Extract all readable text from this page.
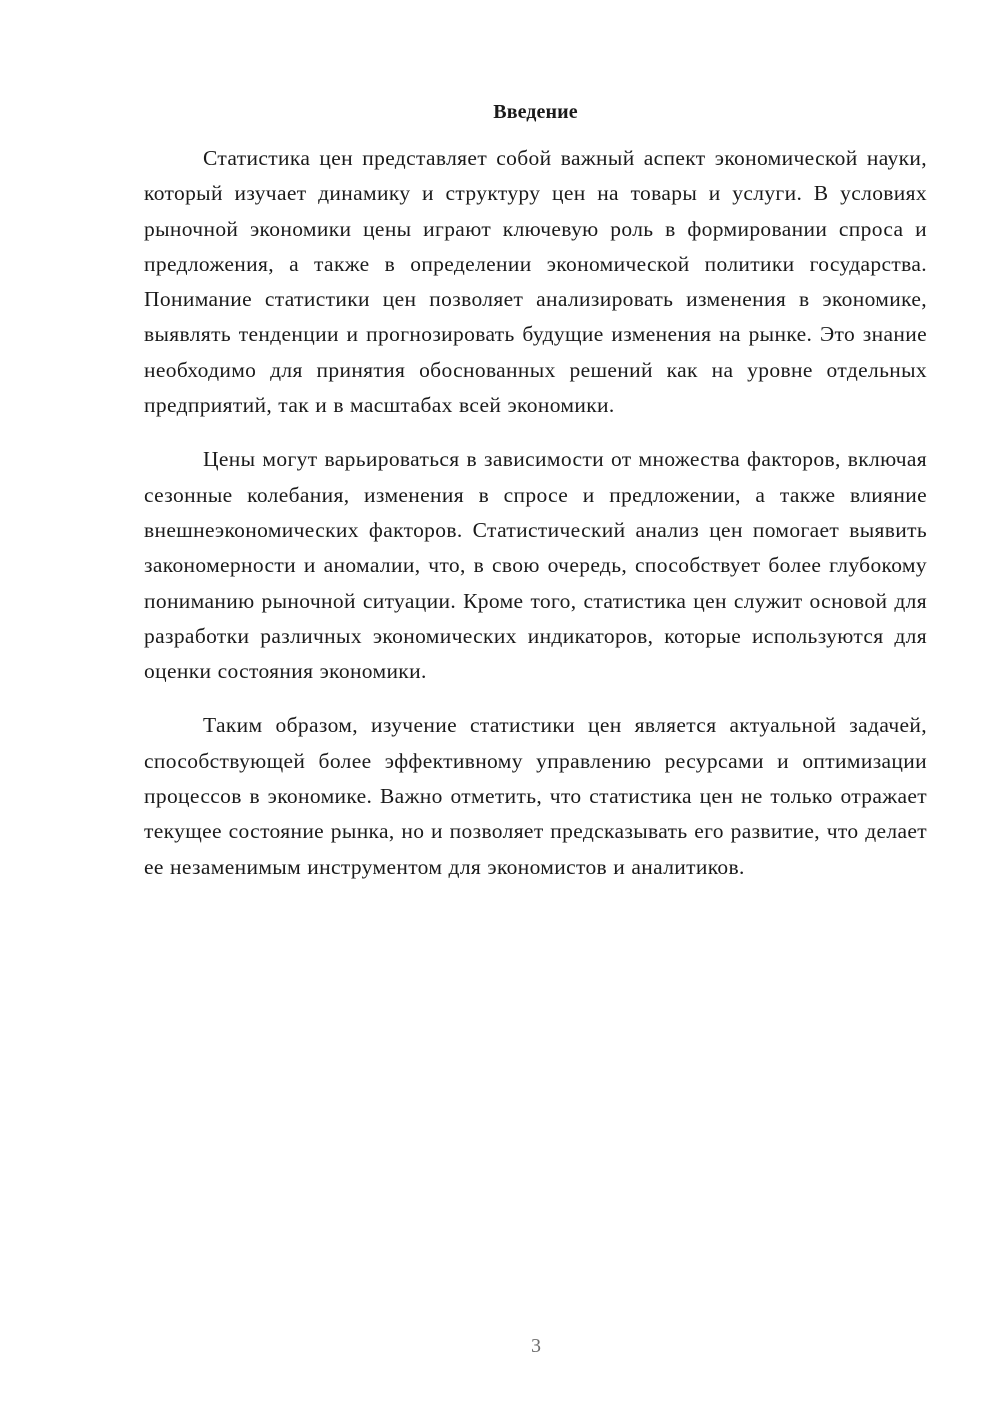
Введение

Статистика цен представляет собой важный аспект экономической науки, который изучает динамику и структуру цен на товары и услуги. В условиях рыночной экономики цены играют ключевую роль в формировании спроса и предложения, а также в определении экономической политики государства. Понимание статистики цен позволяет анализировать изменения в экономике, выявлять тенденции и прогнозировать будущие изменения на рынке. Это знание необходимо для принятия обоснованных решений как на уровне отдельных предприятий, так и в масштабах всей экономики.

Цены могут варьироваться в зависимости от множества факторов, включая сезонные колебания, изменения в спросе и предложении, а также влияние внешнеэкономических факторов. Статистический анализ цен помогает выявить закономерности и аномалии, что, в свою очередь, способствует более глубокому пониманию рыночной ситуации. Кроме того, статистика цен служит основой для разработки различных экономических индикаторов, которые используются для оценки состояния экономики.

Таким образом, изучение статистики цен является актуальной задачей, способствующей более эффективному управлению ресурсами и оптимизации процессов в экономике. Важно отметить, что статистика цен не только отражает текущее состояние рынка, но и позволяет предсказывать его развитие, что делает ее незаменимым инструментом для экономистов и аналитиков.

3
